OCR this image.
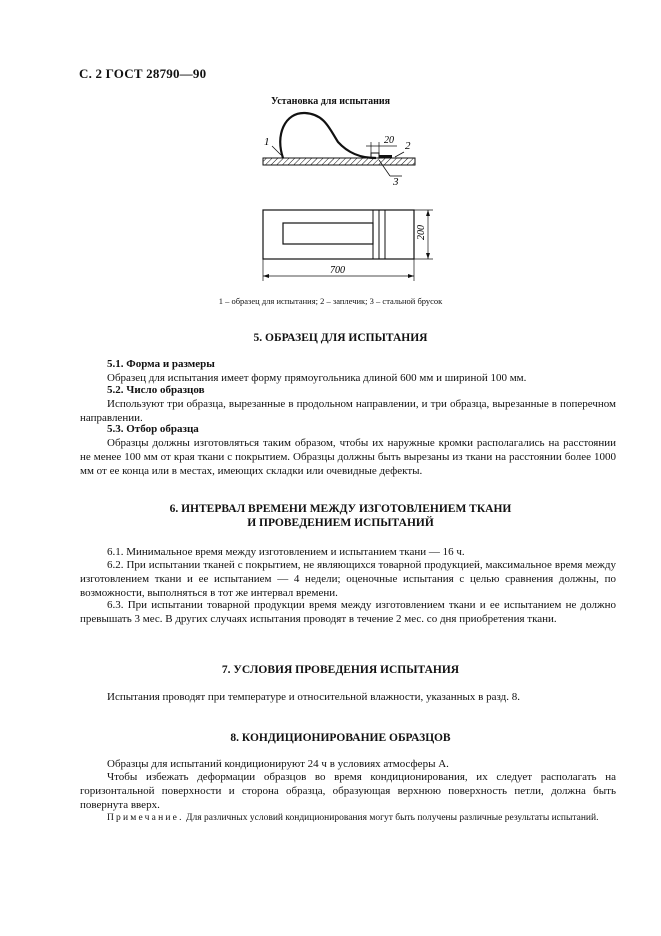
С. 2 ГОСТ 28790—90
Установка для испытания
20
1	2
3
200
700
1 – образец для испытания; 2 – заплечик; 3 – стальной брусок
5. ОБРАЗЕЦ ДЛЯ ИСПЫТАНИЯ
5.1. Форма и размеры
Образец для испытания имеет форму прямоугольника длиной 600 мм и шириной 100 мм.
5.2. Число образцов
Используют три образца, вырезанные в продольном направлении, и три образца, вырезанные в поперечном направлении.
5.3. Отбор образца
Образцы должны изготовляться таким образом, чтобы их наружные кромки располагались на расстоянии не менее 100 мм от края ткани с покрытием. Образцы должны быть вырезаны из ткани на расстоянии более 1000 мм от ее конца или в местах, имеющих складки или очевидные дефекты.
6. ИНТЕРВАЛ ВРЕМЕНИ МЕЖДУ ИЗГОТОВЛЕНИЕМ ТКАНИ
И ПРОВЕДЕНИЕМ ИСПЫТАНИЙ
6.1. Минимальное время между изготовлением и испытанием ткани — 16 ч.
6.2. При испытании тканей с покрытием, не являющихся товарной продукцией, максимальное время между изготовлением ткани и ее испытанием — 4 недели; оценочные испытания с целью сравнения должны, по возможности, выполняться в тот же интервал времени.
6.3. При испытании товарной продукции время между изготовлением ткани и ее испытанием не должно превышать 3 мес. В других случаях испытания проводят в течение 2 мес. со дня приобретения ткани.
7. УСЛОВИЯ ПРОВЕДЕНИЯ ИСПЫТАНИЯ
Испытания проводят при температуре и относительной влажности, указанных в разд. 8.
8. КОНДИЦИОНИРОВАНИЕ ОБРАЗЦОВ
Образцы для испытаний кондиционируют 24 ч в условиях атмосферы А.
Чтобы избежать деформации образцов во время кондиционирования, их следует располагать на горизонтальной поверхности и сторона образца, образующая верхнюю поверхность петли, должна быть повернута вверх.
Примечание. Для различных условий кондиционирования могут быть получены различные результаты испытаний.
